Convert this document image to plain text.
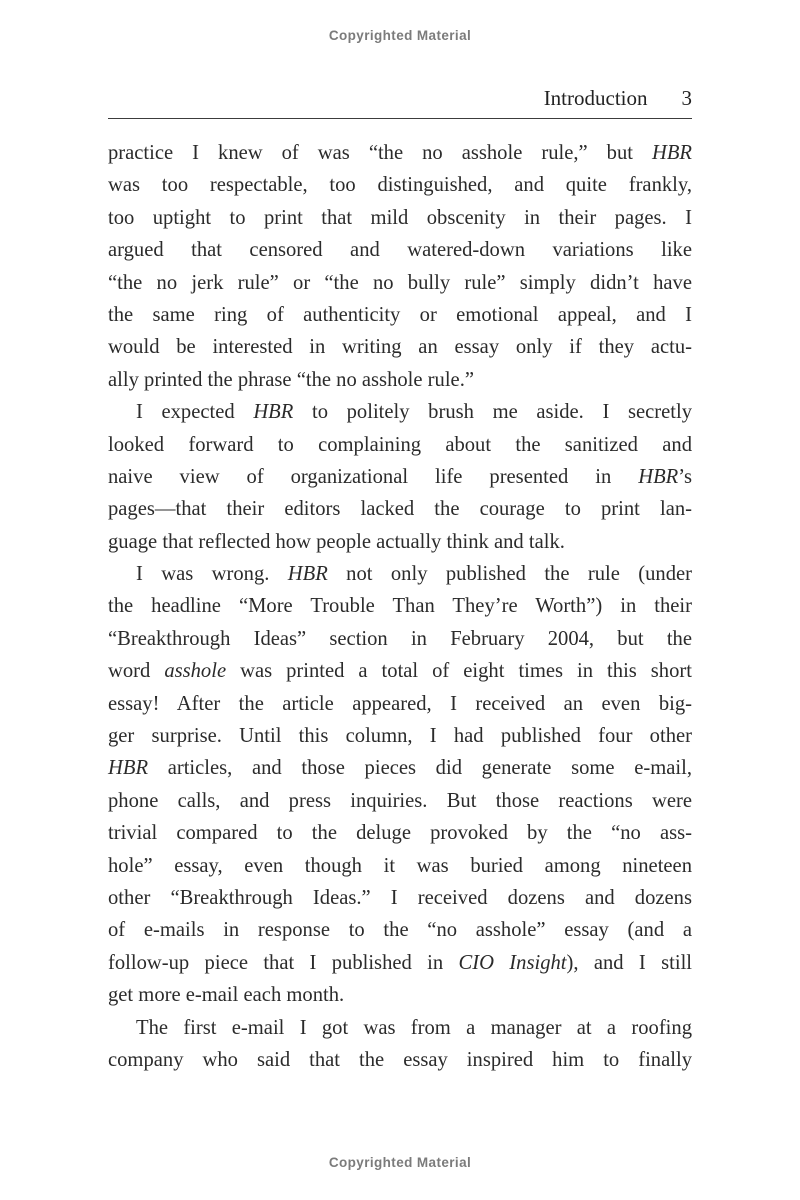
Copyrighted Material
Introduction 3
practice I knew of was “the no asshole rule,” but HBR
was too respectable, too distinguished, and quite frankly,
too uptight to print that mild obscenity in their pages. I
argued that censored and watered-down variations like
“the no jerk rule” or “the no bully rule” simply didn’t have
the same ring of authenticity or emotional appeal, and I
would be interested in writing an essay only if they actu-
ally printed the phrase “the no asshole rule.”
I expected HBR to politely brush me aside. I secretly
looked forward to complaining about the sanitized and
naive view of organizational life presented in HBR’s
pages—that their editors lacked the courage to print lan-
guage that reflected how people actually think and talk.
I was wrong. HBR not only published the rule (under
the headline “More Trouble Than They’re Worth”) in their
“Breakthrough Ideas” section in February 2004, but the
word asshole was printed a total of eight times in this short
essay! After the article appeared, I received an even big-
ger surprise. Until this column, I had published four other
HBR articles, and those pieces did generate some e-mail,
phone calls, and press inquiries. But those reactions were
trivial compared to the deluge provoked by the “no ass-
hole” essay, even though it was buried among nineteen
other “Breakthrough Ideas.” I received dozens and dozens
of e-mails in response to the “no asshole” essay (and a
follow-up piece that I published in CIO Insight), and I still
get more e-mail each month.
The first e-mail I got was from a manager at a roofing
company who said that the essay inspired him to finally
Copyrighted Material
